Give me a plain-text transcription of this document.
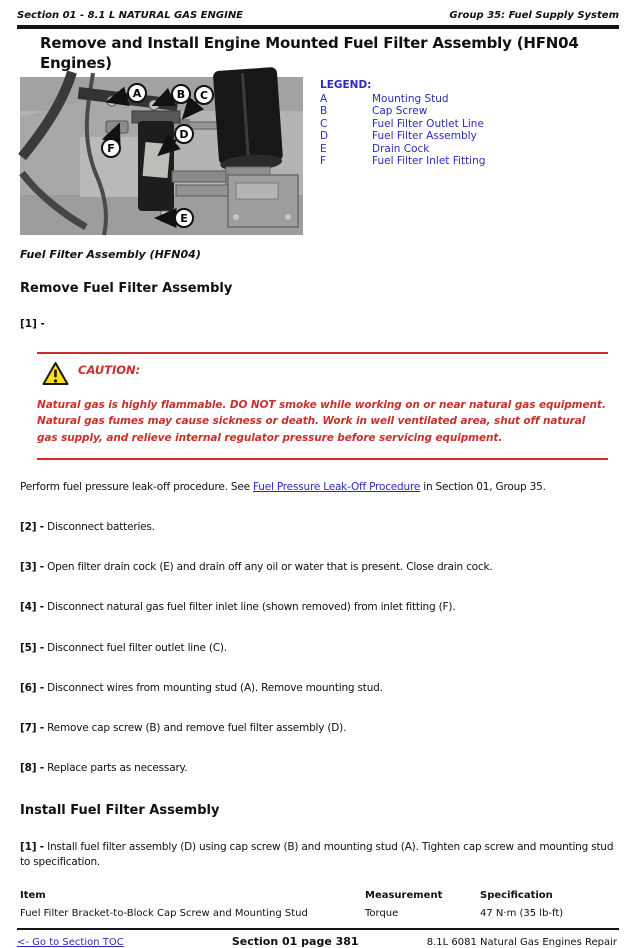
Section 01 - 8.1 L NATURAL GAS ENGINE	Group 35: Fuel Supply System
Remove and Install Engine Mounted Fuel Filter Assembly (HFN04 Engines)
A	B C
D
F
E
LEGEND:
A	Mounting Stud
B	Cap Screw
C	Fuel Filter Outlet Line
D	Fuel Filter Assembly
E	Drain Cock
F	Fuel Filter Inlet Fitting
Fuel Filter Assembly (HFN04)
Remove Fuel Filter Assembly
[1] -
CAUTION:
Natural gas is highly flammable. DO NOT smoke while working on or near natural gas equipment. Natural gas fumes may cause sickness or death. Work in well ventilated area, shut off natural gas supply, and relieve internal regulator pressure before servicing equipment.
Perform fuel pressure leak-off procedure. See Fuel Pressure Leak-Off Procedure in Section 01, Group 35.
[2] - Disconnect batteries.
[3] - Open filter drain cock (E) and drain off any oil or water that is present. Close drain cock.
[4] - Disconnect natural gas fuel filter inlet line (shown removed) from inlet fitting (F).
[5] - Disconnect fuel filter outlet line (C).
[6] - Disconnect wires from mounting stud (A). Remove mounting stud.
[7] - Remove cap screw (B) and remove fuel filter assembly (D).
[8] - Replace parts as necessary.
Install Fuel Filter Assembly
[1] - Install fuel filter assembly (D) using cap screw (B) and mounting stud (A). Tighten cap screw and mounting stud to specification.
Item	Measurement	Specification
Fuel Filter Bracket-to-Block Cap Screw and Mounting Stud	Torque	47 N·m (35 lb-ft)
<- Go to Section TOC	Section 01 page 381	8.1L 6081 Natural Gas Engines Repair
